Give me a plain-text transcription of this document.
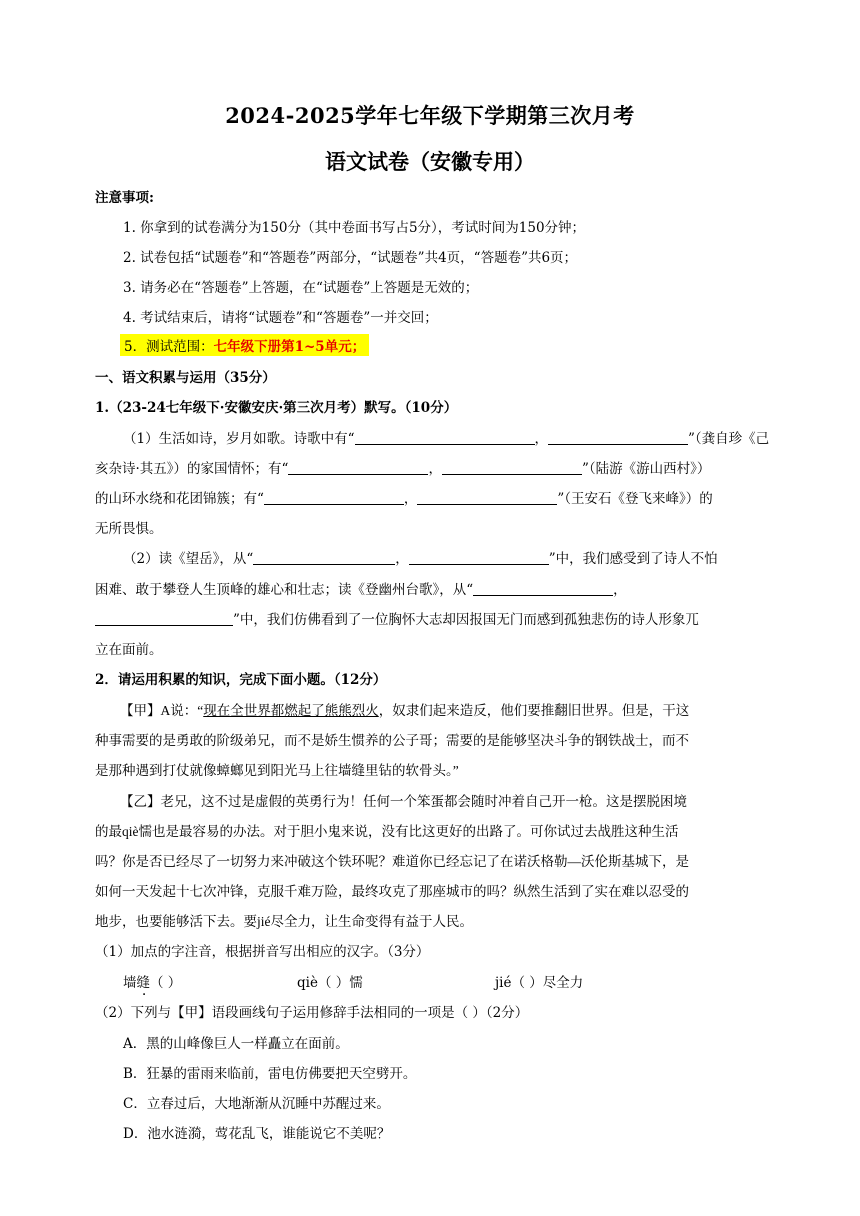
2024-2025学年七年级下学期第三次月考
语文试卷（安徽专用）
注意事项:
1. 你拿到的试卷满分为150分（其中卷面书写占5分），考试时间为150分钟；
2. 试卷包括“试题卷”和“答题卷”两部分，“试题卷”共4页，“答题卷”共6页；
3. 请务必在“答题卷”上答题，在“试题卷”上答题是无效的；
4. 考试结束后，请将“试题卷”和“答题卷”一并交回；
5．测试范围：七年级下册第1~5单元；
一、语文积累与运用（35分）
1.（23-24七年级下·安徽安庆·第三次月考）默写。（10分）
（1）生活如诗，岁月如歌。诗歌中有“	，	”（龚自珍《己
亥杂诗·其五》）的家国情怀；有“	，	”（陆游《游山西村》）
的山环水绕和花团锦簇；有“	，	”（王安石《登飞来峰》）的
无所畏惧。
（2）读《望岳》，从“	，	”中，我们感受到了诗人不怕
困难、敢于攀登人生顶峰的雄心和壮志；读《登幽州台歌》，从“	，
”中，我们仿佛看到了一位胸怀大志却因报国无门而感到孤独悲伤的诗人形象兀
立在面前。
2．请运用积累的知识，完成下面小题。（12分）
【甲】A说：“现在全世界都燃起了熊熊烈火，奴隶们起来造反，他们要推翻旧世界。但是，干这
种事需要的是勇敢的阶级弟兄，而不是娇生惯养的公子哥；需要的是能够坚决斗争的钢铁战士，而不
是那种遇到打仗就像蟑螂见到阳光马上往墙缝里钻的软骨头。”
【乙】老兄，这不过是虚假的英勇行为！任何一个笨蛋都会随时冲着自己开一枪。这是摆脱困境
的最qiè懦也是最容易的办法。对于胆小鬼来说，没有比这更好的出路了。可你试过去战胜这种生活
吗？你是否已经尽了一切努力来冲破这个铁环呢？难道你已经忘记了在诺沃格勒—沃伦斯基城下，是
如何一天发起十七次冲锋，克服千难万险，最终攻克了那座城市的吗？纵然生活到了实在难以忍受的
地步，也要能够活下去。要jié尽全力，让生命变得有益于人民。
（1）加点的字注音，根据拼音写出相应的汉字。（3分）
墙缝（ ）	qiè（ ）懦	jié（ ）尽全力
（2）下列与【甲】语段画线句子运用修辞手法相同的一项是（ ）（2分）
A．黑的山峰像巨人一样矗立在面前。
B．狂暴的雷雨来临前，雷电仿佛要把天空劈开。
C．立春过后，大地渐渐从沉睡中苏醒过来。
D．池水涟漪，莺花乱飞，谁能说它不美呢？
